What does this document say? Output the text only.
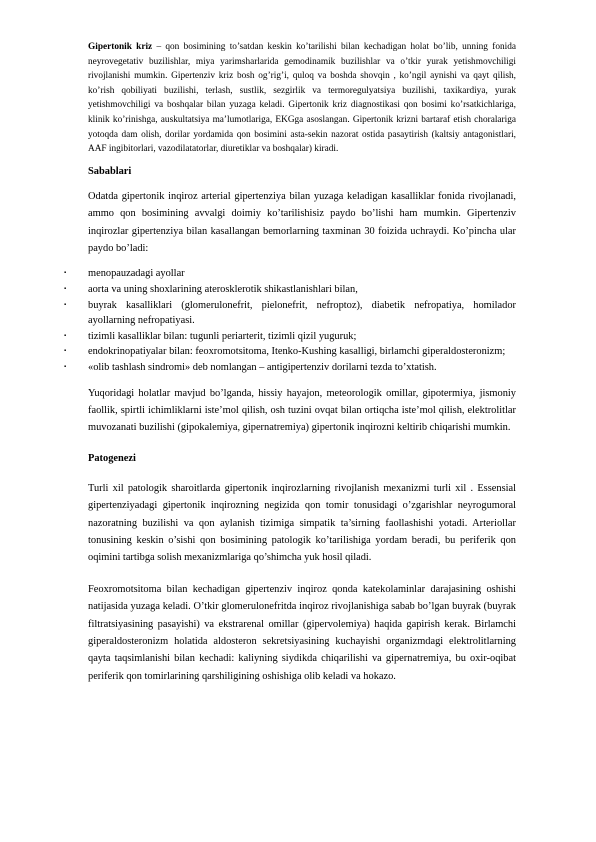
Gipertonik kriz – qon bosimining to’satdan keskin ko’tarilishi bilan kechadigan holat bo’lib, unning fonida neyrovegetativ buzilishlar, miya yarimsharlarida gemodinamik buzilishlar va o’tkir yurak yetishmovchiligi rivojlanishi mumkin. Gipertenziv kriz bosh og’rig’i, quloq va boshda shovqin , ko’ngil aynishi va qayt qilish, ko’rish qobiliyati buzilishi, terlash, sustlik, sezgirlik va termoregulyatsiya buzilishi, taxikardiya, yurak yetishmovchiligi va boshqalar bilan yuzaga keladi. Gipertonik kriz diagnostikasi qon bosimi ko’rsatkichlariga, klinik ko’rinishga, auskultatsiya ma’lumotlariga, EKGga asoslangan. Gipertonik krizni bartaraf etish choralariga yotoqda dam olish, dorilar yordamida qon bosimini asta-sekin nazorat ostida pasaytirish (kaltsiy antagonistlari, AAF ingibitorlari, vazodilatatorlar, diuretiklar va boshqalar) kiradi.

Sabablari

Odatda gipertonik inqiroz arterial gipertenziya bilan yuzaga keladigan kasalliklar fonida rivojlanadi, ammo qon bosimining avvalgi doimiy ko’tarilishisiz paydo bo’lishi ham mumkin. Gipertenziv inqirozlar gipertenziya bilan kasallangan bemorlarning taxminan 30 foizida uchraydi. Ko’pincha ular paydo bo’ladi:

▪ menopauzadagi ayollar
▪ aorta va uning shoxlarining aterosklerotik shikastlanishlari bilan,
▪ buyrak kasalliklari (glomerulonefrit, pielonefrit, nefroptoz), diabetik nefropatiya, homilador ayollarning nefropatiyasi.
▪ tizimli kasalliklar bilan: tugunli periarterit, tizimli qizil yuguruk;
▪ endokrinopatiyalar bilan: feoxromotsitoma, Itenko-Kushing kasalligi, birlamchi giperaldosteronizm;
▪ «olib tashlash sindromi» deb nomlangan – antigipertenziv dorilarni tezda to’xtatish.

Yuqoridagi holatlar mavjud bo’lganda, hissiy hayajon, meteorologik omillar, gipotermiya, jismoniy faollik, spirtli ichimliklarni iste’mol qilish, osh tuzini ovqat bilan ortiqcha iste’mol qilish, elektrolitlar muvozanati buzilishi (gipokalemiya, gipernatremiya) gipertonik inqirozni keltirib chiqarishi mumkin.

Patogenezi

Turli xil patologik sharoitlarda gipertonik inqirozlarning rivojlanish mexanizmi turli xil . Essensial gipertenziyadagi gipertonik inqirozning negizida qon tomir tonusidagi o’zgarishlar neyrogumoral nazoratning buzilishi va qon aylanish tizimiga simpatik ta’sirning faollashishi yotadi. Arteriollar tonusining keskin o’sishi qon bosimining patologik ko’tarilishiga yordam beradi, bu periferik qon oqimini tartibga solish mexanizmlariga qo’shimcha yuk hosil qiladi.

Feoxromotsitoma bilan kechadigan gipertenziv inqiroz qonda katekolaminlar darajasining oshishi natijasida yuzaga keladi. O’tkir glomerulonefritda inqiroz rivojlanishiga sabab bo’lgan buyrak (buyrak filtratsiyasining pasayishi) va ekstrarenal omillar (gipervolemiya) haqida gapirish kerak. Birlamchi giperaldosteronizm holatida aldosteron sekretsiyasining kuchayishi organizmdagi elektrolitlarning qayta taqsimlanishi bilan kechadi: kaliyning siydikda chiqarilishi va gipernatremiya, bu oxir-oqibat periferik qon tomirlarining qarshiligining oshishiga olib keladi va hokazo.
